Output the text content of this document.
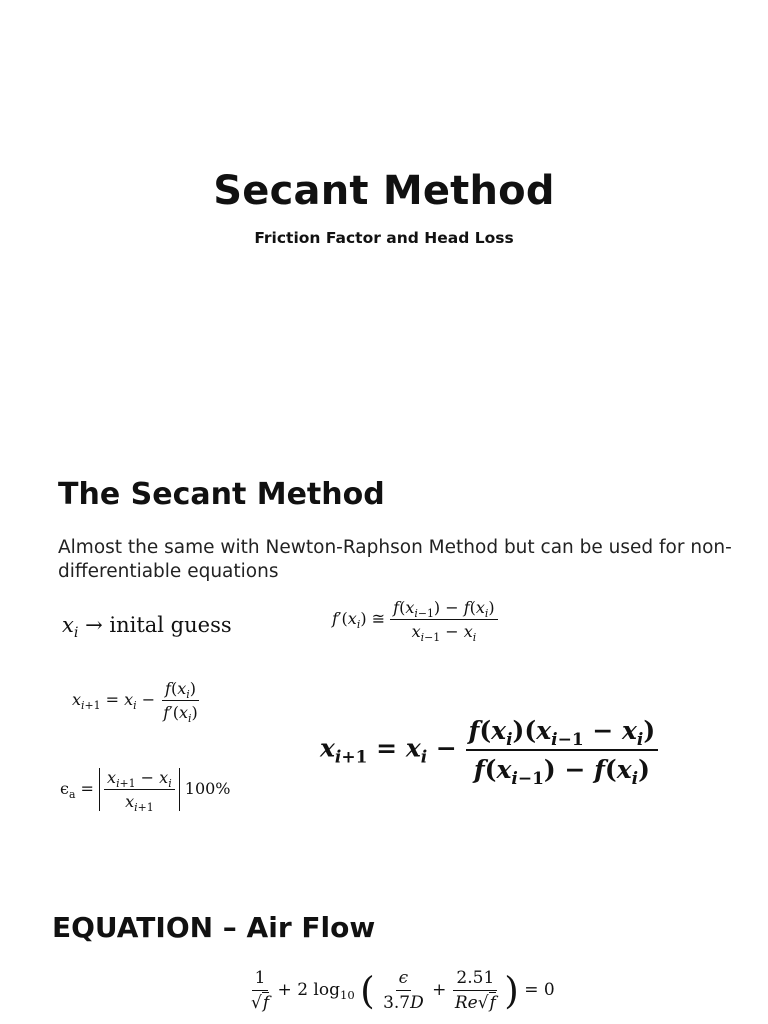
Secant Method
Friction Factor and Head Loss
The Secant Method
Almost the same with Newton-Raphson Method but can be used for non-differentiable equations
$x_i$ → inital guess	$f'(x_i)$ ≅ $\frac{f(x_{i-1}) - f(x_i)}{x_{i-1} - x_i}$
$x_{i+1} = x_i - \frac{f(x_i)}{f'(x_i)}$
$\epsilon_a = \frac{x_{i+1} - x_i}{x_{i+1}} 100\%$
$x_{i+1} = x_i - \frac{f(x_i)(x_{i-1} - x_i)}{f(x_{i-1}) - f(x_i)}$
EQUATION – Air Flow
$\frac{1}{√f} + 2$ $\log_{10}$ ( $\frac{\epsilon}{3.7D} + \frac{2.51}{Re√f}$ ) = 0
